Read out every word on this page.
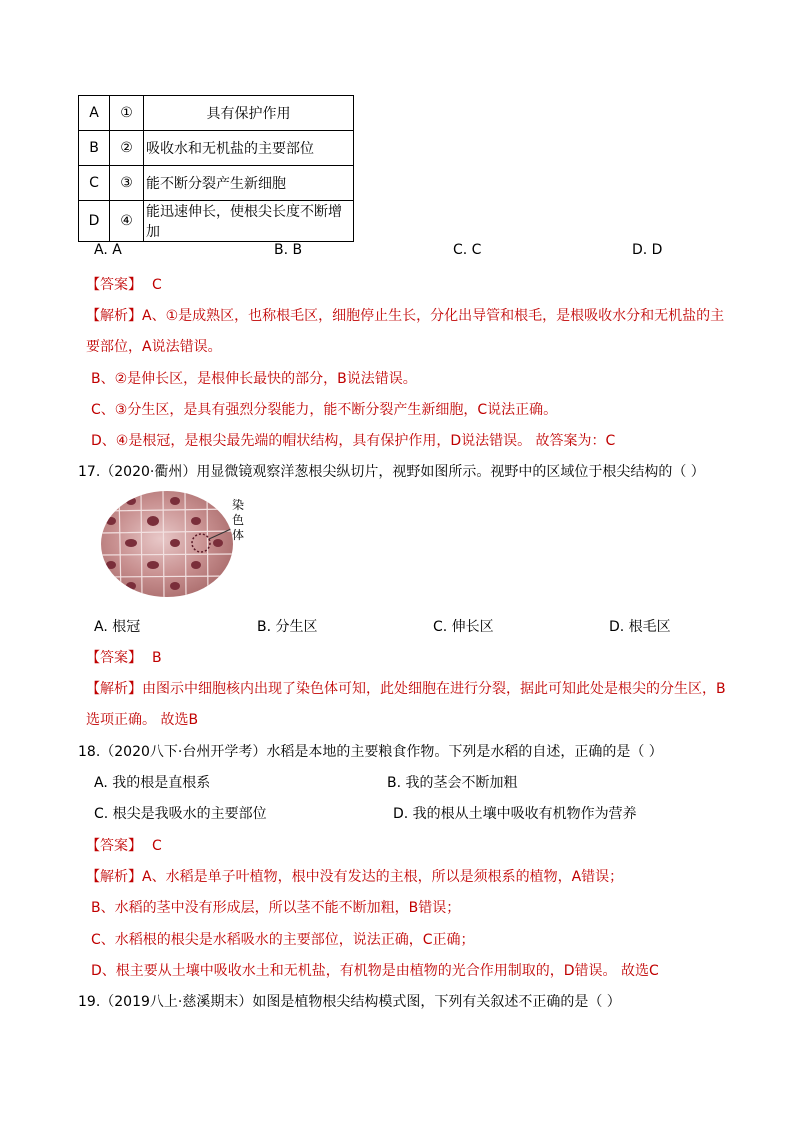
A	①	具有保护作用
B	②	吸收水和无机盐的主要部位
C	③	能不断分裂产生新细胞
D	④	能迅速伸长，使根尖长度不断增加
A. A	B. B	C. C	D. D
【答案】 C
【解析】A、①是成熟区，也称根毛区，细胞停止生长，分化出导管和根毛，是根吸收水分和无机盐的主
要部位，A说法错误。
B、②是伸长区，是根伸长最快的部分，B说法错误。
C、③分生区，是具有强烈分裂能力，能不断分裂产生新细胞，C说法正确。
D、④是根冠，是根尖最先端的帽状结构，具有保护作用，D说法错误。 故答案为：C
17.（2020·衢州）用显微镜观察洋葱根尖纵切片，视野如图所示。视野中的区域位于根尖结构的（ ）
染色体
A. 根冠	B. 分生区	C. 伸长区	D. 根毛区
【答案】 B
【解析】由图示中细胞核内出现了染色体可知，此处细胞在进行分裂，据此可知此处是根尖的分生区，B
选项正确。 故选B
18.（2020八下·台州开学考）水稻是本地的主要粮食作物。下列是水稻的自述，正确的是（ ）
A. 我的根是直根系	B. 我的茎会不断加粗
C. 根尖是我吸水的主要部位	D. 我的根从土壤中吸收有机物作为营养
【答案】 C
【解析】A、水稻是单子叶植物，根中没有发达的主根，所以是须根系的植物，A错误；
B、水稻的茎中没有形成层，所以茎不能不断加粗，B错误；
C、水稻根的根尖是水稻吸水的主要部位，说法正确，C正确；
D、根主要从土壤中吸收水土和无机盐，有机物是由植物的光合作用制取的，D错误。 故选C
19.（2019八上·慈溪期末）如图是植物根尖结构模式图，下列有关叙述不正确的是（ ）
